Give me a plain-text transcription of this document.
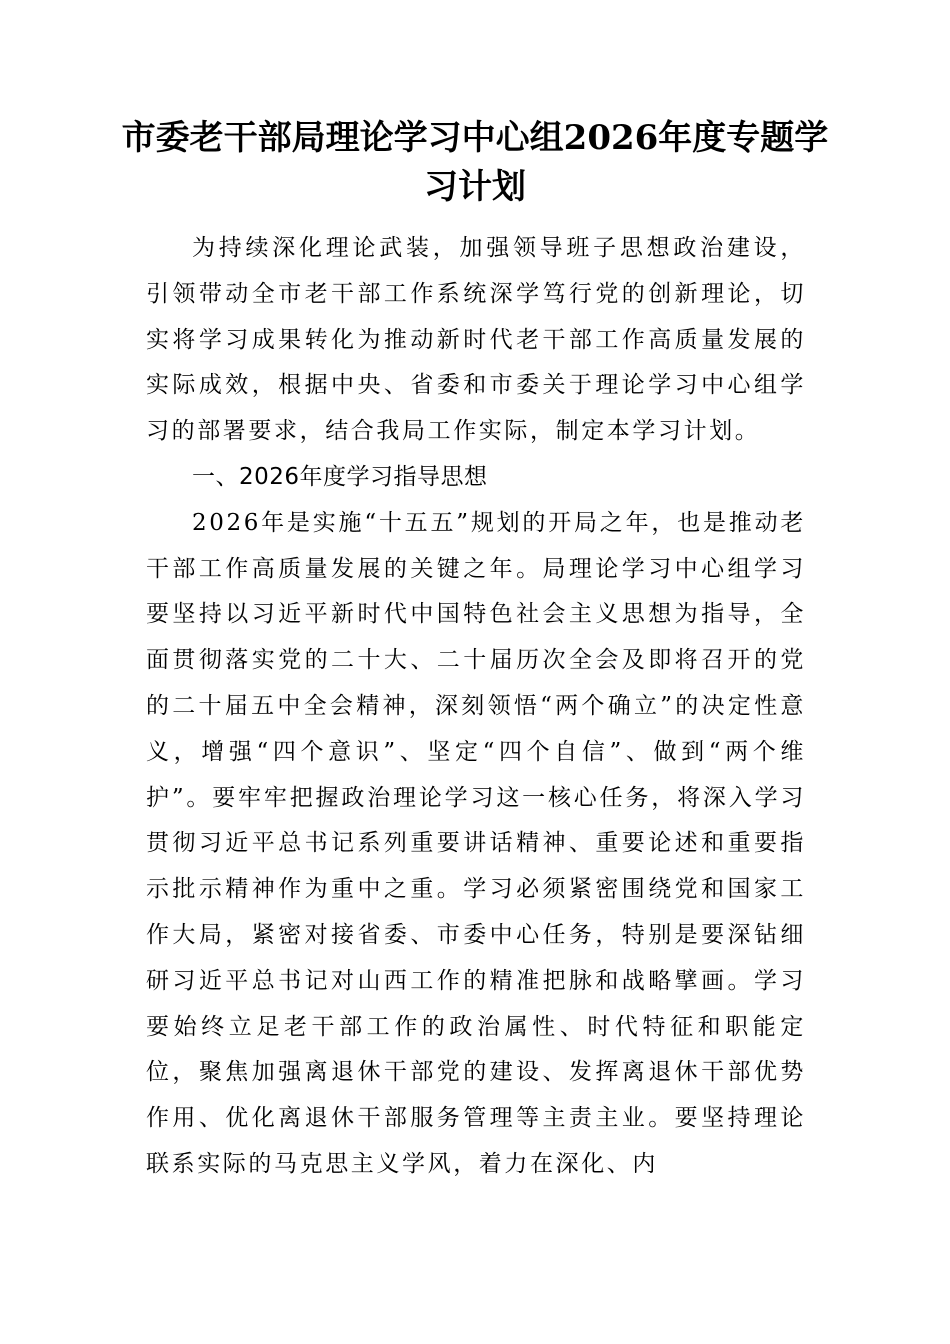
市委老干部局理论学习中心组2026年度专题学习计划

为持续深化理论武装，加强领导班子思想政治建设，引领带动全市老干部工作系统深学笃行党的创新理论，切实将学习成果转化为推动新时代老干部工作高质量发展的实际成效，根据中央、省委和市委关于理论学习中心组学习的部署要求，结合我局工作实际，制定本学习计划。

一、2026年度学习指导思想

2026年是实施“十五五”规划的开局之年，也是推动老干部工作高质量发展的关键之年。局理论学习中心组学习要坚持以习近平新时代中国特色社会主义思想为指导，全面贯彻落实党的二十大、二十届历次全会及即将召开的党的二十届五中全会精神，深刻领悟“两个确立”的决定性意义，增强“四个意识”、坚定“四个自信”、做到“两个维护”。要牢牢把握政治理论学习这一核心任务，将深入学习贯彻习近平总书记系列重要讲话精神、重要论述和重要指示批示精神作为重中之重。学习必须紧密围绕党和国家工作大局，紧密对接省委、市委中心任务，特别是要深钻细研习近平总书记对山西工作的精准把脉和战略擘画。学习要始终立足老干部工作的政治属性、时代特征和职能定位，聚焦加强离退休干部党的建设、发挥离退休干部优势作用、优化离退休干部服务管理等主责主业。要坚持理论联系实际的马克思主义学风，着力在深化、内
